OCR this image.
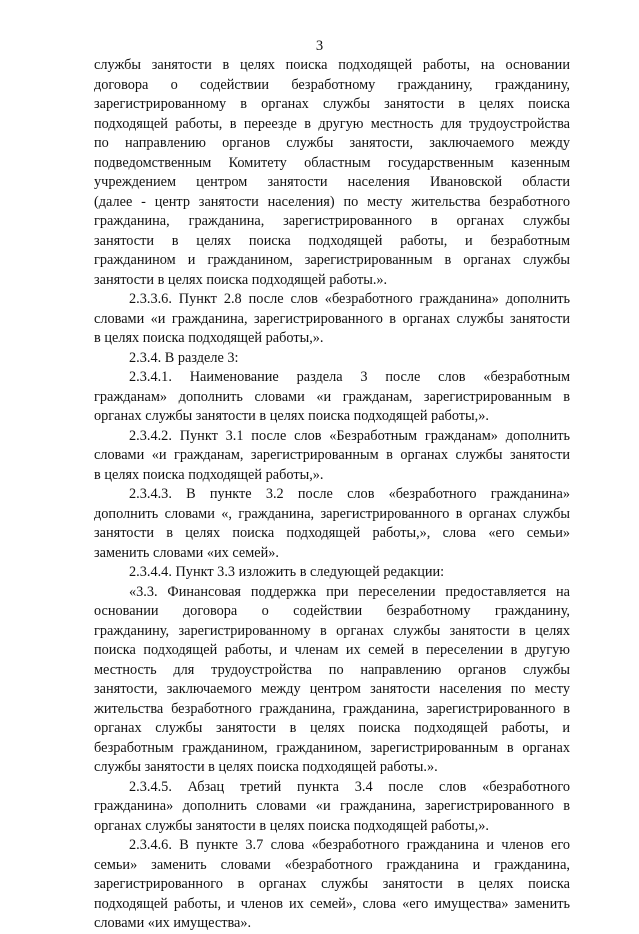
3
службы занятости в целях поиска подходящей работы, на основании
договора о содействии безработному гражданину, гражданину,
зарегистрированному в органах службы занятости в целях поиска
подходящей работы, в переезде в другую местность для трудоустройства
по направлению органов службы занятости, заключаемого между
подведомственным Комитету областным государственным казенным
учреждением центром занятости населения Ивановской области
(далее - центр занятости населения) по месту жительства безработного
гражданина, гражданина, зарегистрированного в органах службы
занятости в целях поиска подходящей работы, и безработным
гражданином и гражданином, зарегистрированным в органах службы
занятости в целях поиска подходящей работы.».
2.3.3.6. Пункт 2.8 после слов «безработного гражданина» дополнить
словами «и гражданина, зарегистрированного в органах службы занятости
в целях поиска подходящей работы,».
2.3.4. В разделе 3:
2.3.4.1. Наименование раздела 3 после слов «безработным
гражданам» дополнить словами «и гражданам, зарегистрированным в
органах службы занятости в целях поиска подходящей работы,».
2.3.4.2. Пункт 3.1 после слов «Безработным гражданам» дополнить
словами «и гражданам, зарегистрированным в органах службы занятости
в целях поиска подходящей работы,».
2.3.4.3. В пункте 3.2 после слов «безработного гражданина»
дополнить словами «, гражданина, зарегистрированного в органах службы
занятости в целях поиска подходящей работы,», слова «его семьи»
заменить словами «их семей».
2.3.4.4. Пункт 3.3 изложить в следующей редакции:
«3.3. Финансовая поддержка при переселении предоставляется на
основании договора о содействии безработному гражданину,
гражданину, зарегистрированному в органах службы занятости в целях
поиска подходящей работы, и членам их семей в переселении в другую
местность для трудоустройства по направлению органов службы
занятости, заключаемого между центром занятости населения по месту
жительства безработного гражданина, гражданина, зарегистрированного в
органах службы занятости в целях поиска подходящей работы, и
безработным гражданином, гражданином, зарегистрированным в органах
службы занятости в целях поиска подходящей работы.».
2.3.4.5. Абзац третий пункта 3.4 после слов «безработного
гражданина» дополнить словами «и гражданина, зарегистрированного в
органах службы занятости в целях поиска подходящей работы,».
2.3.4.6. В пункте 3.7 слова «безработного гражданина и членов его
семьи» заменить словами «безработного гражданина и гражданина,
зарегистрированного в органах службы занятости в целях поиска
подходящей работы, и членов их семей», слова «его имущества» заменить
словами «их имущества».
